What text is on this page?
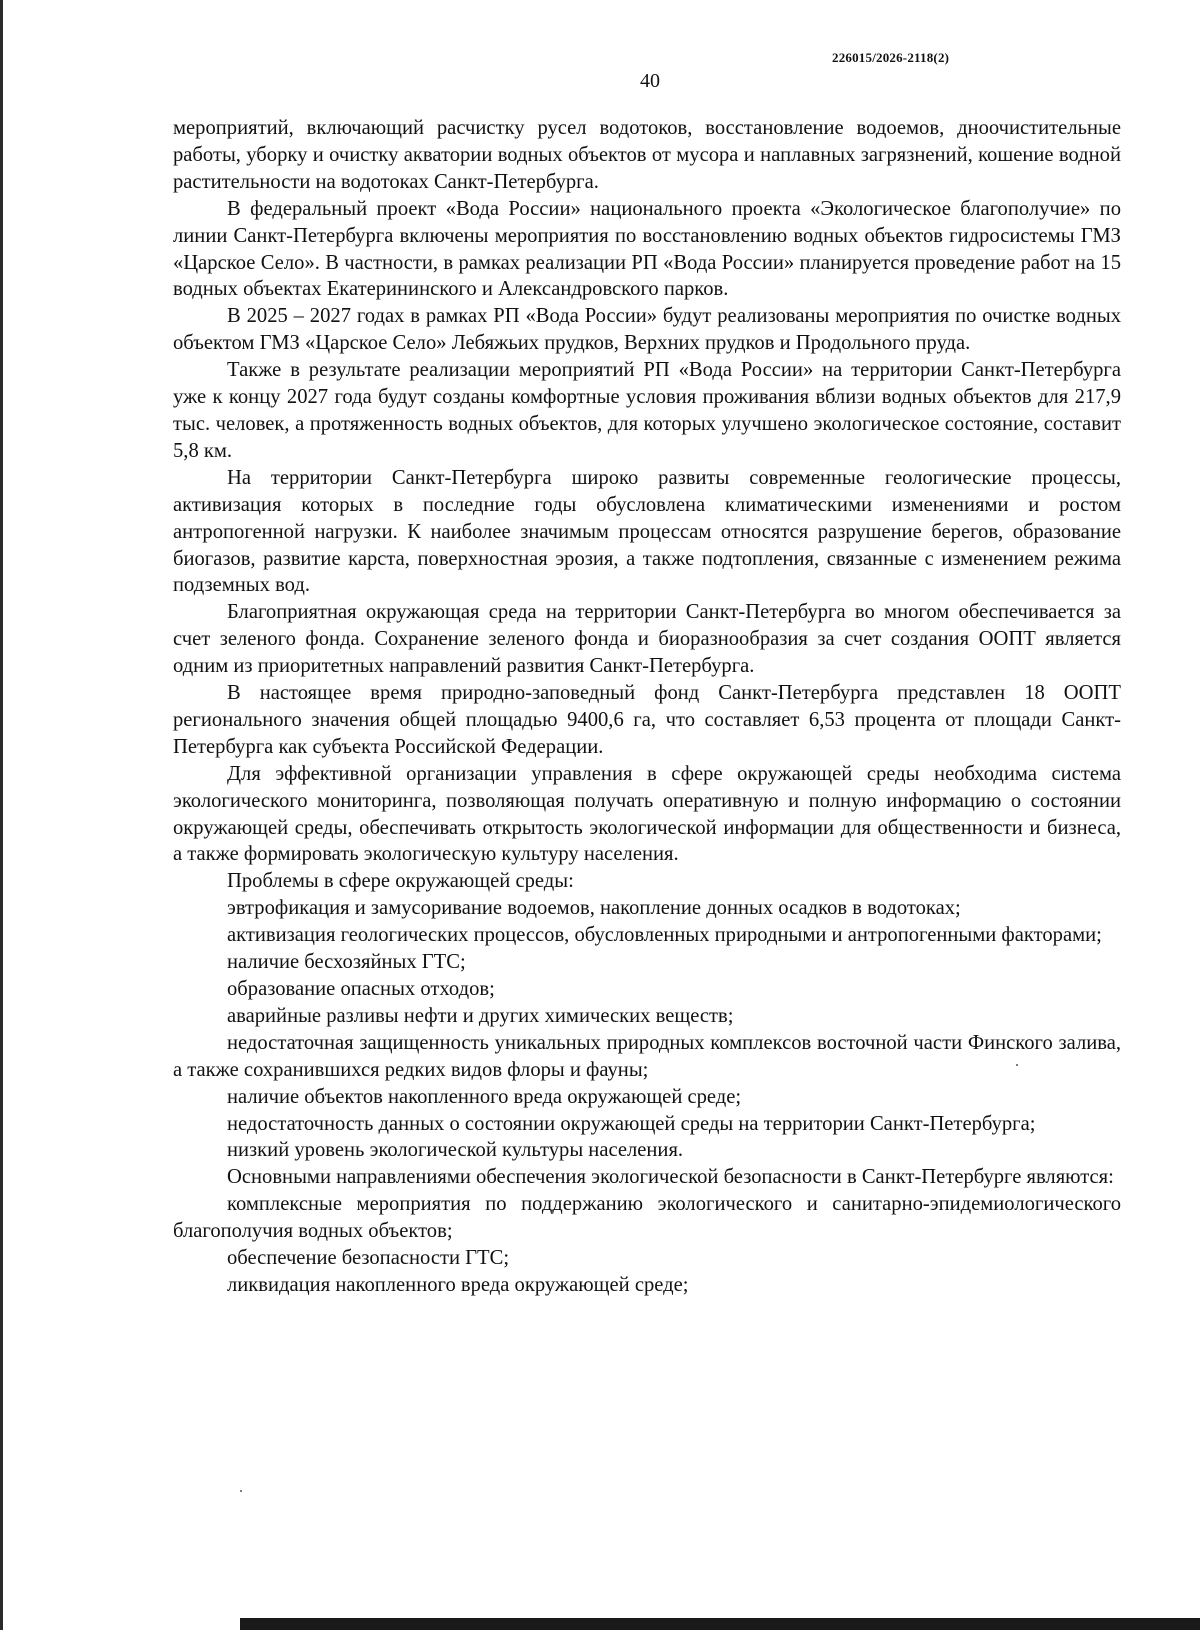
226015/2026-2118(2)
40

мероприятий, включающий расчистку русел водотоков, восстановление водоемов, дноочистительные работы, уборку и очистку акватории водных объектов от мусора и наплавных загрязнений, кошение водной растительности на водотоках Санкт-Петербурга.

В федеральный проект «Вода России» национального проекта «Экологическое благополучие» по линии Санкт-Петербурга включены мероприятия по восстановлению водных объектов гидросистемы ГМЗ «Царское Село». В частности, в рамках реализации РП «Вода России» планируется проведение работ на 15 водных объектах Екатерининского и Александровского парков.

В 2025 – 2027 годах в рамках РП «Вода России» будут реализованы мероприятия по очистке водных объектом ГМЗ «Царское Село» Лебяжьих прудков, Верхних прудков и Продольного пруда.

Также в результате реализации мероприятий РП «Вода России» на территории Санкт-Петербурга уже к концу 2027 года будут созданы комфортные условия проживания вблизи водных объектов для 217,9 тыс. человек, а протяженность водных объектов, для которых улучшено экологическое состояние, составит 5,8 км.

На территории Санкт-Петербурга широко развиты современные геологические процессы, активизация которых в последние годы обусловлена климатическими изменениями и ростом антропогенной нагрузки. К наиболее значимым процессам относятся разрушение берегов, образование биогазов, развитие карста, поверхностная эрозия, а также подтопления, связанные с изменением режима подземных вод.

Благоприятная окружающая среда на территории Санкт-Петербурга во многом обеспечивается за счет зеленого фонда. Сохранение зеленого фонда и биоразнообразия за счет создания ООПТ является одним из приоритетных направлений развития Санкт-Петербурга.

В настоящее время природно-заповедный фонд Санкт-Петербурга представлен 18 ООПТ регионального значения общей площадью 9400,6 га, что составляет 6,53 процента от площади Санкт-Петербурга как субъекта Российской Федерации.

Для эффективной организации управления в сфере окружающей среды необходима система экологического мониторинга, позволяющая получать оперативную и полную информацию о состоянии окружающей среды, обеспечивать открытость экологической информации для общественности и бизнеса, а также формировать экологическую культуру населения.

Проблемы в сфере окружающей среды:

эвтрофикация и замусоривание водоемов, накопление донных осадков в водотоках;

активизация геологических процессов, обусловленных природными и антропогенными факторами;

наличие бесхозяйных ГТС;

образование опасных отходов;

аварийные разливы нефти и других химических веществ;

недостаточная защищенность уникальных природных комплексов восточной части Финского залива, а также сохранившихся редких видов флоры и фауны;

наличие объектов накопленного вреда окружающей среде;

недостаточность данных о состоянии окружающей среды на территории Санкт-Петербурга;

низкий уровень экологической культуры населения.

Основными направлениями обеспечения экологической безопасности в Санкт-Петербурге являются:

комплексные мероприятия по поддержанию экологического и санитарно-эпидемиологического благополучия водных объектов;

обеспечение безопасности ГТС;

ликвидация накопленного вреда окружающей среде;
